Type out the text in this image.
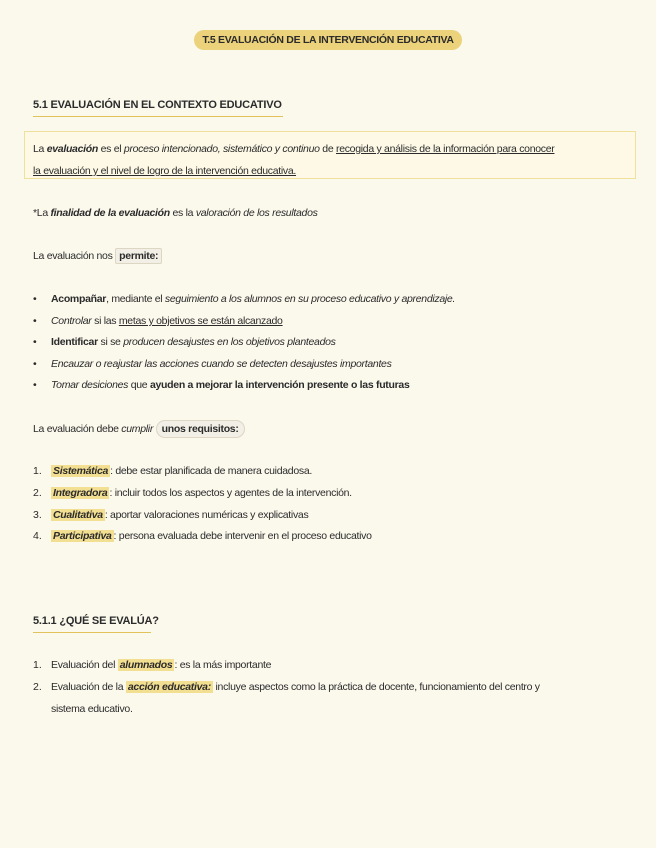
T.5 EVALUACIÓN DE LA INTERVENCIÓN EDUCATIVA
5.1 EVALUACIÓN EN EL CONTEXTO EDUCATIVO
La evaluación es el proceso intencionado, sistemático y continuo de recogida y análisis de la información para conocer
la evaluación y el nivel de logro de la intervención educativa.
*La finalidad de la evaluación es la valoración de los resultados
La evaluación nos permite:
• Acompañar, mediante el seguimiento a los alumnos en su proceso educativo y aprendizaje.
• Controlar si las metas y objetivos se están alcanzado
• Identificar si se producen desajustes en los objetivos planteados
• Encauzar o reajustar las acciones cuando se detecten desajustes importantes
• Tomar desiciones que ayuden a mejorar la intervención presente o las futuras
La evaluación debe cumplir unos requisitos:
1. Sistemática : debe estar planificada de manera cuidadosa.
2. Integradora : incluir todos los aspectos y agentes de la intervención.
3. Cualitativa : aportar valoraciones numéricas y explicativas
4. Participativa : persona evaluada debe intervenir en el proceso educativo
5.1.1 ¿QUÉ SE EVALÚA?
1. Evaluación del alumnados : es la más importante
2. Evaluación de la acción educativa: incluye aspectos como la práctica de docente, funcionamiento del centro y
sistema educativo.
